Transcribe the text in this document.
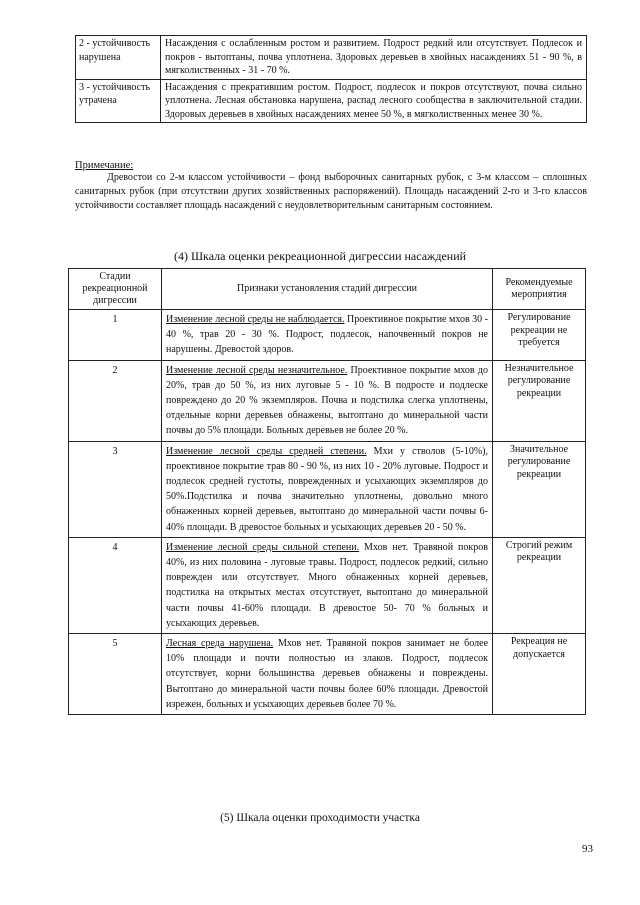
2 - устойчивость нарушена	Насаждения с ослабленным ростом и развитием. Подрост редкий или отсутствует. Подлесок и покров - вытоптаны, почва уплотнена. Здоровых деревьев в хвойных насаждениях 51 - 90 %, в мягколиственных - 31 - 70 %.
3 - устойчивость утрачена	Насаждения с прекратившим ростом. Подрост, подлесок и покров отсутствуют, почва сильно уплотнена. Лесная обстановка нарушена, распад лесного сообщества в заключительной стадии. Здоровых деревьев в хвойных насаждениях менее 50 %, в мягколиственных менее 30 %.
Примечание:
Древостои со 2-м классом устойчивости – фонд выборочных санитарных рубок, с 3-м классом – сплошных санитарных рубок (при отсутствии других хозяйственных распоряжений). Площадь насаждений 2-го и 3-го классов устойчивости составляет площадь насаждений с неудовлетворительным санитарным состоянием.
(4) Шкала оценки рекреационной дигрессии насаждений
Стадии рекреационной дигрессии	Признаки установления стадий дигрессии	Рекомендуемые мероприятия
1	Изменение лесной среды не наблюдается. Проективное покрытие мхов 30 - 40 %, трав 20 - 30 %. Подрост, подлесок, напочвенный покров не нарушены. Древостой здоров.	Регулирование рекреации не требуется
2	Изменение лесной среды незначительное. Проективное покрытие мхов до 20%, трав до 50 %, из них луговые 5 - 10 %. В подросте и подлеске повреждено до 20 % экземпляров. Почва и подстилка слегка уплотнены, отдельные корни деревьев обнажены, вытоптано до минеральной части почвы до 5% площади. Больных деревьев не более 20 %.	Незначительное регулирование рекреации
3	Изменение лесной среды средней степени. Мхи у стволов (5-10%), проективное покрытие трав 80 - 90 %, из них 10 - 20% луговые. Подрост и подлесок средней густоты, поврежденных и усыхающих экземпляров до 50%.Подстилка и почва значительно уплотнены, довольно много обнаженных корней деревьев, вытоптано до минеральной части почвы 6-40% площади. В древостое больных и усыхающих деревьев 20 - 50 %.	Значительное регулирование рекреации
4	Изменение лесной среды сильной степени. Мхов нет. Травяной покров 40%, из них половина - луговые травы. Подрост, подлесок редкий, сильно поврежден или отсутствует. Много обнаженных корней деревьев, подстилка на открытых местах отсутствует, вытоптано до минеральной части почвы 41-60% площади. В древостое 50- 70 % больных и усыхающих деревьев.	Строгий режим рекреации
5	Лесная среда нарушена. Мхов нет. Травяной покров занимает не более 10% площади и почти полностью из злаков. Подрост, подлесок отсутствует, корни большинства деревьев обнажены и повреждены. Вытоптано до минеральной части почвы более 60% площади. Древостой изрежен, больных и усыхающих деревьев более 70 %.	Рекреация не допускается
(5) Шкала оценки проходимости участка
93
